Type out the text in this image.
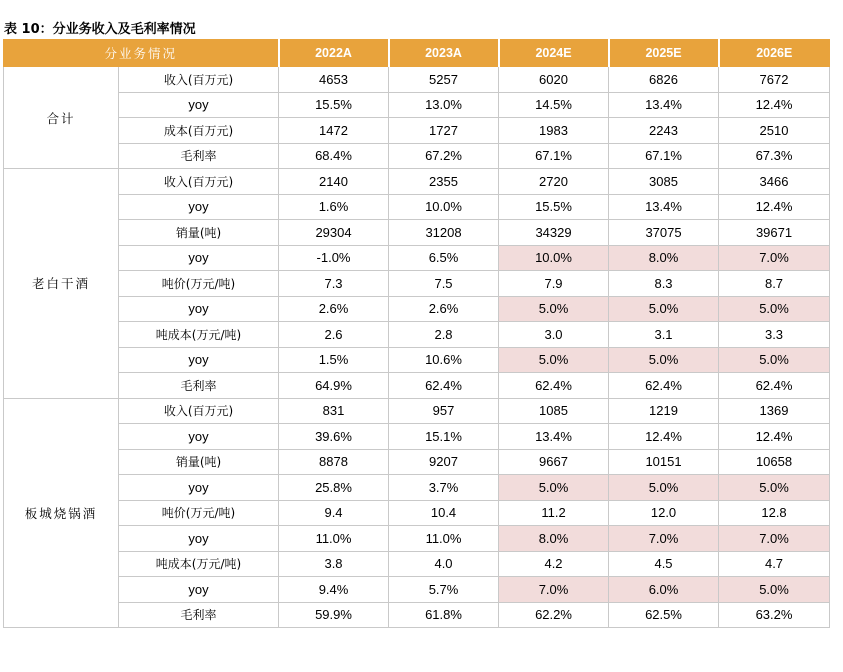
表 10：分业务收入及毛利率情况
分业务情况		2022A	2023A	2024E	2025E	2026E
合计	收入(百万元)	4653	5257	6020	6826	7672
	yoy	15.5%	13.0%	14.5%	13.4%	12.4%
	成本(百万元)	1472	1727	1983	2243	2510
	毛利率	68.4%	67.2%	67.1%	67.1%	67.3%
老白干酒	收入(百万元)	2140	2355	2720	3085	3466
	yoy	1.6%	10.0%	15.5%	13.4%	12.4%
	销量(吨)	29304	31208	34329	37075	39671
	yoy	-1.0%	6.5%	10.0%	8.0%	7.0%
	吨价(万元/吨)	7.3	7.5	7.9	8.3	8.7
	yoy	2.6%	2.6%	5.0%	5.0%	5.0%
	吨成本(万元/吨)	2.6	2.8	3.0	3.1	3.3
	yoy	1.5%	10.6%	5.0%	5.0%	5.0%
	毛利率	64.9%	62.4%	62.4%	62.4%	62.4%
板城烧锅酒	收入(百万元)	831	957	1085	1219	1369
	yoy	39.6%	15.1%	13.4%	12.4%	12.4%
	销量(吨)	8878	9207	9667	10151	10658
	yoy	25.8%	3.7%	5.0%	5.0%	5.0%
	吨价(万元/吨)	9.4	10.4	11.2	12.0	12.8
	yoy	11.0%	11.0%	8.0%	7.0%	7.0%
	吨成本(万元/吨)	3.8	4.0	4.2	4.5	4.7
	yoy	9.4%	5.7%	7.0%	6.0%	5.0%
	毛利率	59.9%	61.8%	62.2%	62.5%	63.2%
